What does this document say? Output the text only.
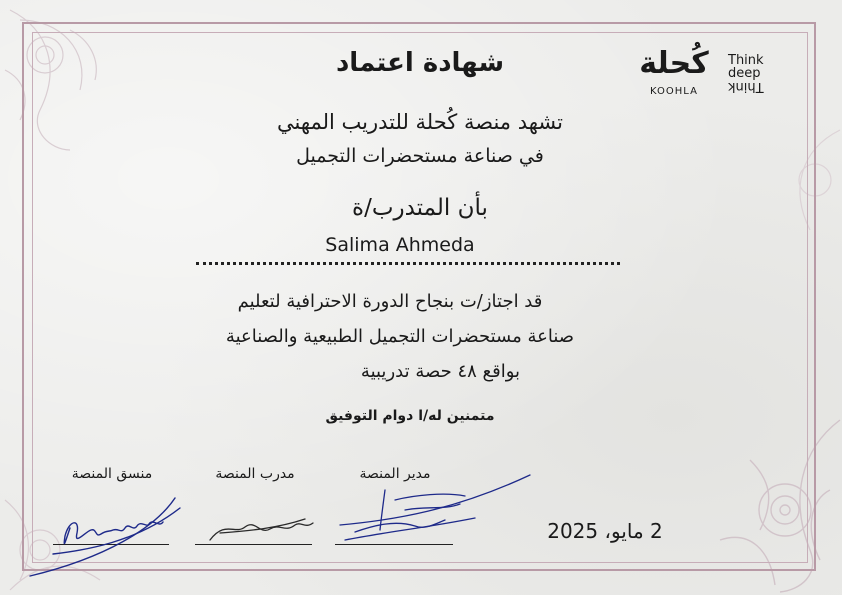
كُحلة
KOOHLA
Think
deep
Think
شهادة اعتماد
تشهد منصة كُحلة للتدريب المهني
في صناعة مستحضرات التجميل
بأن المتدرب/ة
Salima Ahmeda
قد اجتاز/ت بنجاح الدورة الاحترافية لتعليم
صناعة مستحضرات التجميل الطبيعية والصناعية
بواقع ٤٨ حصة تدريبية
متمنين له/ا دوام التوفيق
منسق المنصة	مدرب المنصة	مدير المنصة
2 مايو، 2025
